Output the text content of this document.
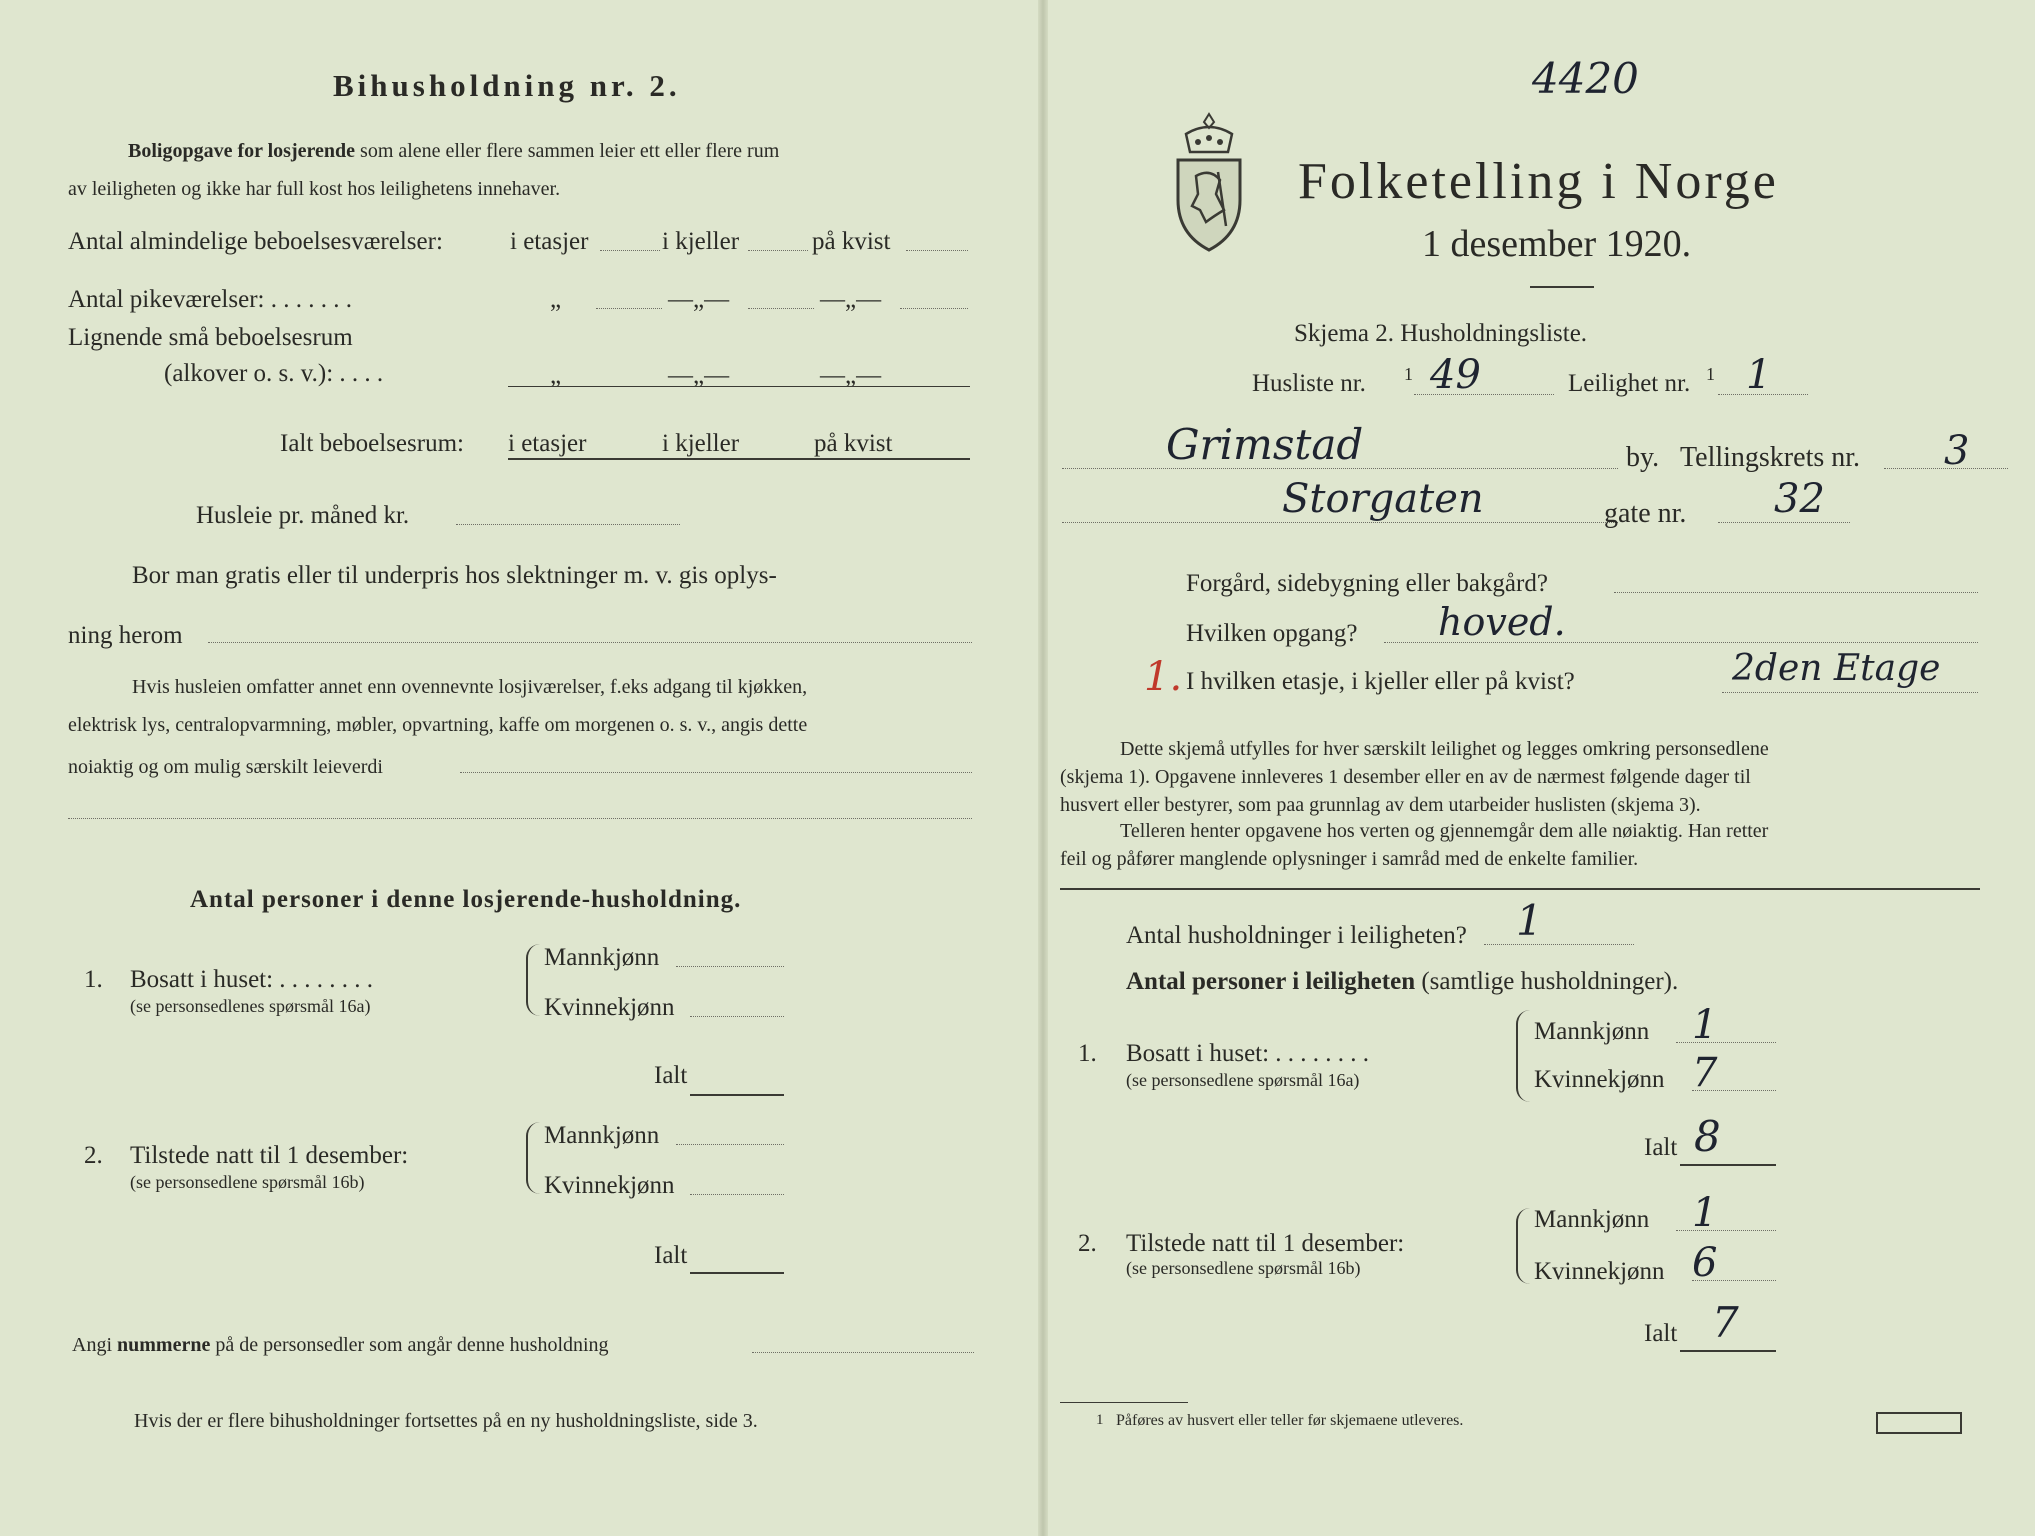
Bihusholdning nr. 2.
Boligopgave for losjerende som alene eller flere sammen leier ett eller flere rum
av leiligheten og ikke har full kost hos leilighetens innehaver.
Antal almindelige beboelsesværelser:	i etasjer	i kjeller	på kvist
Antal pikeværelser: . . . . . . .	„	—„—	—„—
Lignende små beboelsesrum
(alkover o. s. v.): . . . .	„	—„—	—„—
Ialt beboelsesrum: i etasjer	i kjeller	på kvist
Husleie pr. måned kr.
Bor man gratis eller til underpris hos slektninger m. v. gis oplys-
ning herom
Hvis husleien omfatter annet enn ovennevnte losjiværelser, f.eks adgang til kjøkken,
elektrisk lys, centralopvarmning, møbler, opvartning, kaffe om morgenen o. s. v., angis dette
noiaktig og om mulig særskilt leieverdi
Antal personer i denne losjerende-husholdning.
1. Bosatt i huset: . . . . . . . .
(se personsedlenes spørsmål 16a)
Mannkjønn
Kvinnekjønn
Ialt
2. Tilstede natt til 1 desember:
(se personsedlene spørsmål 16b)
Mannkjønn
Kvinnekjønn
Ialt
Angi nummerne på de personsedler som angår denne husholdning
Hvis der er flere bihusholdninger fortsettes på en ny husholdningsliste, side 3.
4420
Folketelling i Norge
1 desember 1920.
Skjema 2. Husholdningsliste.
Husliste nr. 1 49	Leilighet nr. 1 1
Grimstad	by. Tellingskrets nr. 3
Storgaten	gate nr. 32
Forgård, sidebygning eller bakgård?
Hvilken opgang? hoved.
1. I hvilken etasje, i kjeller eller på kvist?	2den Etage
Dette skjemå utfylles for hver særskilt leilighet og legges omkring personsedlene
(skjema 1). Opgavene innleveres 1 desember eller en av de nærmest følgende dager til
husvert eller bestyrer, som paa grunnlag av dem utarbeider huslisten (skjema 3).
Telleren henter opgavene hos verten og gjennemgår dem alle nøiaktig. Han retter
feil og påfører manglende oplysninger i samråd med de enkelte familier.
Antal husholdninger i leiligheten? 1
Antal personer i leiligheten (samtlige husholdninger).
1. Bosatt i huset: . . . . . . . .
(se personsedlene spørsmål 16a)
Mannkjønn 1
Kvinnekjønn 7
Ialt 8
2. Tilstede natt til 1 desember:
(se personsedlene spørsmål 16b)
Mannkjønn 1
Kvinnekjønn 6
Ialt 7
1 Påføres av husvert eller teller før skjemaene utleveres.
